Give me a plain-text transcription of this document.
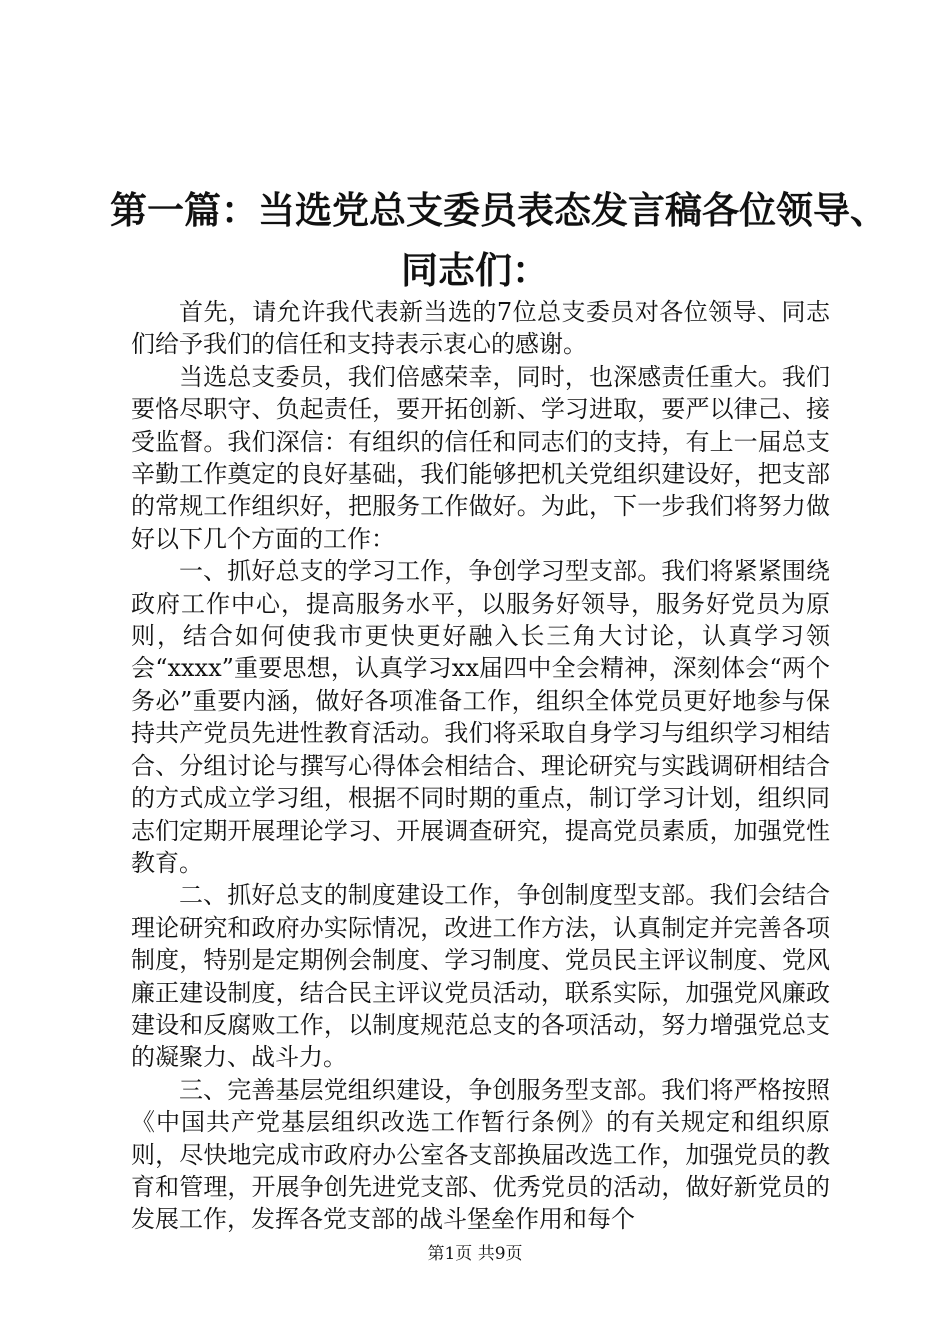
第一篇：当选党总支委员表态发言稿各位领导、
同志们：

首先，请允许我代表新当选的7位总支委员对各位领导、同志们给予我们的信任和支持表示衷心的感谢。

当选总支委员，我们倍感荣幸，同时，也深感责任重大。我们要恪尽职守、负起责任，要开拓创新、学习进取，要严以律己、接受监督。我们深信：有组织的信任和同志们的支持，有上一届总支辛勤工作奠定的良好基础，我们能够把机关党组织建设好，把支部的常规工作组织好，把服务工作做好。为此，下一步我们将努力做好以下几个方面的工作：

一、抓好总支的学习工作，争创学习型支部。我们将紧紧围绕政府工作中心，提高服务水平，以服务好领导，服务好党员为原则，结合如何使我市更快更好融入长三角大讨论，认真学习领会“xxxx”重要思想，认真学习xx届四中全会精神，深刻体会“两个务必”重要内涵，做好各项准备工作，组织全体党员更好地参与保持共产党员先进性教育活动。我们将采取自身学习与组织学习相结合、分组讨论与撰写心得体会相结合、理论研究与实践调研相结合的方式成立学习组，根据不同时期的重点，制订学习计划，组织同志们定期开展理论学习、开展调查研究，提高党员素质，加强党性教育。

二、抓好总支的制度建设工作，争创制度型支部。我们会结合理论研究和政府办实际情况，改进工作方法，认真制定并完善各项制度，特别是定期例会制度、学习制度、党员民主评议制度、党风廉正建设制度，结合民主评议党员活动，联系实际，加强党风廉政建设和反腐败工作，以制度规范总支的各项活动，努力增强党总支的凝聚力、战斗力。

三、完善基层党组织建设，争创服务型支部。我们将严格按照《中国共产党基层组织改选工作暂行条例》的有关规定和组织原则，尽快地完成市政府办公室各支部换届改选工作，加强党员的教育和管理，开展争创先进党支部、优秀党员的活动，做好新党员的发展工作，发挥各党支部的战斗堡垒作用和每个

第1页 共9页
